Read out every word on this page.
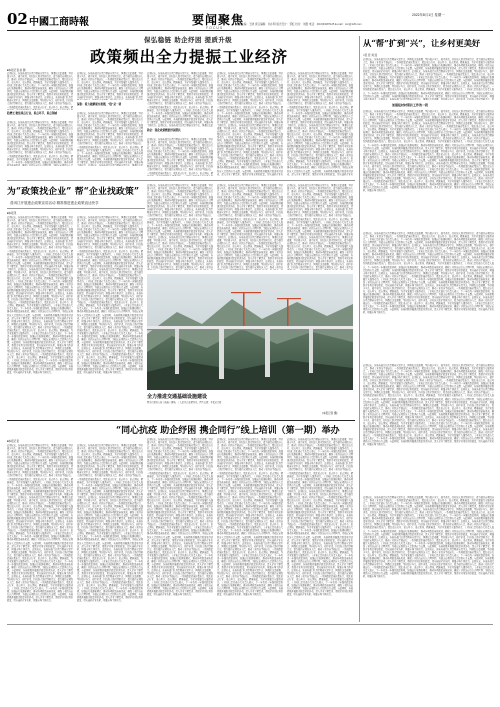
02 中國工商時報	要闻聚焦
FOCUS
2022年8月1日 星期一
本版主编：王晓 责任编辑：刘小明 版式设计：邹虹 校对：刘胜 电话：(010)63287125 E-mail：ccn@126.com
保弘稳链 助企纾困 提质升级
政策频出全力提振工业经济
■本报记者 赵 静
近期以来，各地各部门认真贯彻落实党中央、国务院决策部署，坚持稳字当头、稳中求进，持续加大助企纾困力度，着力稳住宏观经济大盘，推动工业经济平稳运行。一系列政策措施密集出台，聚焦重点行业、重点环节、重点领域，精准施策，为企业发展注入强劲动力。工业和信息化部有关负责人表示，下一步将进一步强化政策协同，加强运行监测和调度，推动各项政策落地见效，确保工业经济运行在合理区间，为稳定宏观经济大盘提供有力支撑。与此同时，各地积极开展惠企政策宣讲活动，深入企业了解需求，帮助企业用足用好政策，切实减轻企业负担，增强市场主体活力。近期以来，各地各部门认真贯彻落实党中央、国务院决策部署，坚持稳字当头、稳中求进，持续加大助企纾困力度，着力稳住宏观经济大盘，推动工业经济平稳运行。一系列政策措施密集出台，聚焦重点行业、重点环节、重点领域，精
稳增长 聚焦重点行业、重点环节、重点领域
近期以来，各地各部门认真贯彻落实党中央、国务院决策部署，坚持稳字当头、稳中求进，持续加大助企纾困力度，着力稳住宏观经济大盘，推动工业经济平稳运行。一系列政策措施密集出台，聚焦重点行业、重点环节、重点领域，精准施策，为企业发展注入强劲动力。工业和信息化部有关负责人表示，下一步将进一步强化政策协同，加强运行监测和调度，推动各项政策落地见效，确保工业经济运行在合理区间，为稳定宏观经济大盘提供有力支撑。与此同时，各地积极开展惠企政策宣讲活动，深入企业了解需求，帮助企业用足用好政策，切实减轻企业负担，增强市场主体活力。近期以来，各地各部门认真贯彻落实党中央、国务院决策部署，坚持稳字当头、稳中求进，持续加大助企纾困力度，着力稳住宏观经济大盘，推动工业经济平稳运行。一系列政策措施密集出台，聚焦重点行业、重点环节、重点领域，精准施策，为企业发展注入强劲动力。工业和信息化部有关负责人表示，下一步将进一步强化政策协同，加强运行监测和调度，推动各项政策落地见效，确保工业经济运行在合理区间，为稳定宏观经济大盘
近期以来，各地各部门认真贯彻落实党中央、国务院决策部署，坚持稳字当头、稳中求进，持续加大助企纾困力度，着力稳住宏观经济大盘，推动工业经济平稳运行。一系列政策措施密集出台，聚焦重点行业、重点环节、重点领域，精准施策，为企业发展注入强劲动力。工业和信息化部有关负责人表示，下一步将进一步强化政策协同，加强运行监测和调度，推动各项政策落地见效，确保工业经济运行在合理区间，为稳定宏观经济大盘提供有力支撑。与此同时，各地积极开展惠企政策宣讲活动，深入企业了解需求，帮助企业用足用好政策，切实减轻企业负担，增强市场主体活力。近期以来，各地各部门认真贯
保供：着力破解现实难题，“稳”是一项
近期以来，各地各部门认真贯彻落实党中央、国务院决策部署，坚持稳字当头、稳中求进，持续加大助企纾困力度，着力稳住宏观经济大盘，推动工业经济平稳运行。一系列政策措施密集出台，聚焦重点行业、重点环节、重点领域，精准施策，为企业发展注入强劲动力。工业和信息化部有关负责人表示，下一步将进一步强化政策协同，加强运行监测和调度，推动各项政策落地见效，确保工业经济运行在合理区间，为稳定宏观经济大盘提供有力支撑。与此同时，各地积极开展惠企政策宣讲活动，深入企业了解需求，帮助企业用足用好政策，切实减轻企业负担，增强市场主体活力。近期以来，各地各部门认真贯彻落实党中央、国务院决策部署，坚持稳字当头、稳中求进，持续加大助企纾困力度，着力稳住宏观经济大盘，推动工业经济平稳运行。一系列政策措施密集出台，聚焦重点行业、重点环节、重点领域，精准施策，为企业发展注入强劲动力。工业和信息化部有关负责人表示，下一步将进一步强化政策协同，加强运行监测和调度，推动各项政策落地见效，确保工业经济运行在合理区间，为稳定宏观经济大盘提供有力支撑。与此同时，各地积极开展惠企政策宣讲活动，深入企业了解需求，帮助企业用足用好政策，切实减轻企业负担，增强市场主体活力。近期以来，各地各部门认真贯彻落实党中央、国务院决策
近期以来，各地各部门认真贯彻落实党中央、国务院决策部署，坚持稳字当头、稳中求进，持续加大助企纾困力度，着力稳住宏观经济大盘，推动工业经济平稳运行。一系列政策措施密集出台，聚焦重点行业、重点环节、重点领域，精准施策，为企业发展注入强劲动力。工业和信息化部有关负责人表示，下一步将进一步强化政策协同，加强运行监测和调度，推动各项政策落地见效，确保工业经济运行在合理区间，为稳定宏观经济大盘提供有力支撑。与此同时，各地积极开展惠企政策宣讲活动，深入企业了解需求，帮助企业用足用好政策，切实减轻企业负担，增强市场主体活力。近期以来，各地各部门认真贯彻落实党中央、国务院决策部署，坚持稳字当头、稳中求进，持续加大助企纾困力度，着力稳住宏观经济大盘，推动工业经济平稳运行。一系列政策措施密集出台，聚焦重点行业、重点环节、重点领域，精准施策，为企业发展注入强劲动力。工业和信息化部有关负责人表示，下一步将进一步强化政策协同，加强运行监测和调度，推动各项政策落地见效，确保工业经济运行在合理区间，为稳定宏观经济大盘提供有力支撑。与此同时，各地积极开展惠企政策宣讲活动，深入企业了解需求，帮助企业用足用好政策，切实减轻企业负担，增强市场主体活力。近期以来，各地各部门认真贯彻落实党中央、国务院决策
助企：强化政策精准纾困帮扶
近期以来，各地各部门认真贯彻落实党中央、国务院决策部署，坚持稳字当头、稳中求进，持续加大助企纾困力度，着力稳住宏观经济大盘，推动工业经济平稳运行。一系列政策措施密集出台，聚焦重点行业、重点环节、重点领域，精准施策，为企业发展注入强劲动力。工业和信息化部有关负责人表示，下一步将进一步强化政策协同，加强运行监测和调度，推动各项政策落地见效，确保工业经济运行在合理区间，为稳定宏观经济大盘提供有力支撑。与此同时，各地积极开展惠企政策宣讲活动，深入企业了解需求，帮助企业用足用好政策，切实减轻企业负担，增强市场主体活力。近期以来，各地各部门认真贯彻落实党中央、国务院决策部署，坚持稳字当头、稳中求进，持续加大助企纾困力度，着力稳住宏观经济大盘，推动工业经济平稳运行。一系列政策措施密集出台，聚焦重点行业、重点环节、重点领域，精
近期以来，各地各部门认真贯彻落实党中央、国务院决策部署，坚持稳字当头、稳中求进，持续加大助企纾困力度，着力稳住宏观经济大盘，推动工业经济平稳运行。一系列政策措施密集出台，聚焦重点行业、重点环节、重点领域，精准施策，为企业发展注入强劲动力。工业和信息化部有关负责人表示，下一步将进一步强化政策协同，加强运行监测和调度，推动各项政策落地见效，确保工业经济运行在合理区间，为稳定宏观经济大盘提供有力支撑。与此同时，各地积极开展惠企政策宣讲活动，深入企业了解需求，帮助企业用足用好政策，切实减轻企业负担，增强市场主体活力。近期以来，各地各部门认真贯彻落实党中央、国务院决策部署，坚持稳字当头、稳中求进，持续加大助企纾困力度，着力稳住宏观经济大盘，推动工业经济平稳运行。一系列政策措施密集出台，聚焦重点行业、重点环节、重点领域，精准施策，为企业发展注入强劲动力。工业和信息化部有关负责人表示，下一步将进一步强化政策协同，加强运行监测和调度，推动各项政策落地见效，确保工业经济运行在合理区间，为稳定宏观经济大盘提供有力支撑。与此同时，各地积极开展惠企政策宣讲活动，深入企业了解需求，帮助企业用足用好政策，切实减轻企业负担，增强市场主体活力。近期以来，各地各部门认真贯彻落实党中央、国务院决策部署，坚持稳字当头、稳中求进，持续加大助企纾困力度，着力稳住宏观经济大盘，推动工业经济平稳运行。一系列政策措施密集出台，聚焦重点行业、重点环节、重点领域，精准施策，为企业发展注入强劲动力。工业和信息化部有关负责人表示，下一步将进一步强化政策协同，加强运行监测和调度，推动各项政策落地见效，确保工业经济运行在合理区间，为稳定宏观经济大盘提供有力支撑。与此同时，各地积极开展惠企政策宣讲活动，深入企业了解需求，帮助企业用足用好政策，切实减轻企业负担，增强市场主体活力。近期以来，各地各部门认真贯彻落实党中央、国务院决策部署，坚持稳字当头、稳中求进，持续加大助企纾困力度，着力稳住宏观经济大盘，推动工业经济平稳运行。一系列政策措施密集出台，聚焦重点行业、重点环节、重点领域，精准施策，为企业发展注入强劲动力。工业和信息化部有关负责人表示，下一步将进一步强化政策协同，加强运行监测和调度，推动各项政策落地见效，确保工业经济运行在合理区间，为稳定宏观经济大盘提供有力支撑。与此同时，各地积极开展惠企政策宣讲活动，深入企业了解需求，帮助企业用足用好政策，切实减轻企业负
近期以来，各地各部门认真贯彻落实党中央、国务院决策部署，坚持稳字当头、稳中求进，持续加大助企纾困力度，着力稳住宏观经济大盘，推动工业经济平稳运行。一系列政策措施密集出台，聚焦重点行业、重点环节、重点领域，精准施策，为企业发展注入强劲动力。工业和信息化部有关负责人表示，下一步将进一步强化政策协同，加强运行监测和调度，推动各项政策落地见效，确保工业经济运行在合理区间，为稳定宏观经济大盘提供有力支撑。与此同时，各地积极开展惠企政策宣讲活动，深入企业了解需求，帮助企业用足用好政策，切实减轻企业负担，增强市场主体活力。近期以来，各地各部门认真贯彻落实党中央、国务院决策部署，坚持稳字当头、稳中求进，持续加大助企纾困力度，着力稳住宏观经济大盘，推动工业经济平稳运行。一系列政策措施密集出台，聚焦重点行业、重点环节、重点领域，精准施策，为企业发展注入强劲动力。工业和信息化部有关负责人表示，下一步将进一步强化政策协同，加强运行监测和调度，推动各项政策落地见效，确保工业经济运行在合理区间，为稳定宏观经济大盘提供有力支撑。与此同时，各地积极开展惠企政策宣讲活动，深入企业了解需求，帮助企业用足用好政策，切实减轻企业负担，增强市场主体活力。近期以来，各地各部门认真贯彻落实党中央、国务院决策部署，坚持稳字当头、稳中求进，持续加大助企纾困力度，着力稳住宏观经济大盘，推动工业经济平稳运行。一系列政策措施密集出台，聚焦重点行业、重点环节、重点领域，精准施策，为企业发展注入强劲动力。工业和信息化部有关负责人表示，下一步将进一步强化政策协同，加强运行监测和调度，推动各项政策落地见效，确保工业经济运行在合理区间，为稳定宏观经济大盘提供有力支撑。与此同时，各地积极开展惠企政策宣讲活动，深入企业了解需求，帮助企业用足用好政策，切实减轻企业负担，增强市场主体活力。近期以来，各地各部门认真贯彻落实党中央、国务院决策部署，坚持稳字当头、稳中求进，持续加大助企纾困力度，着力稳住宏观经济大盘，推动工业经济平稳运行。一系列政策措施密集出台，聚焦重点行业、重点环节、重点领域，精准施策，为企业发展注入强劲动力。工业和信息化部有关负责人表示，下一步将进一步强化政策协同，加强运行监测和调度，推动各项政策落地见效，确保工业经济运行在合理区间，为稳定宏观经济大盘提供有力支撑。与此同时，各地积极开展惠企政策宣讲活动，深入企业了解需求，帮助企业用足用好政策，切实减轻企业负
从“帮”扩到“兴”，让乡村更美好
□张 佳 刘 瑶
近期以来，各地各部门认真贯彻落实党中央、国务院决策部署，坚持稳字当头、稳中求进，持续加大助企纾困力度，着力稳住宏观经济大盘，推动工业经济平稳运行。一系列政策措施密集出台，聚焦重点行业、重点环节、重点领域，精准施策，为企业发展注入强劲动力。工业和信息化部有关负责人表示，下一步将进一步强化政策协同，加强运行监测和调度，推动各项政策落地见效，确保工业经济运行在合理区间，为稳定宏观经济大盘提供有力支撑。与此同时，各地积极开展惠企政策宣讲活动，深入企业了解需求，帮助企业用足用好政策，切实减轻企业负担，增强市场主体活力。近期以来，各地各部门认真贯彻落实党中央、国务院决策部署，坚持稳字当头、稳中求进，持续加大助企纾困力度，着力稳住宏观经济大盘，推动工业经济平稳运行。一系列政策措施密集出台，聚焦重点行业、重点环节、重点领域，精准施策，为企业发展注入强劲动力。工业和信息化部有关负责人表示，下一步将进一步强化政策协同，加强运行监测和调度，推动各项政策落地见效，确保工业经济运行在合理区间，为稳定宏观经济大盘提供有力支撑。与此同时，各地积极开展惠企政策宣讲活动，深入企业了解需求，帮助企业用足用好政策，切实减轻企业负担，增强市场主体活力。近期以来，各地各部门认真贯彻落实党中央、国务院决策部署，坚持稳字当头、稳中求进，持续加大助企纾困力度，着力稳住宏观经济大盘，推动工业经济平稳运行。一系列政策措施密集出台，聚焦重点行业、重点环节、重点领域，精准施策，为企业发展注入强劲动力。工业和信息化部有关负责人表示，下一步将进一步强化政策协同，加强运行监测和调度，推动各项政策落地见效，确保工业经济运行在合理区间，为稳定宏观经济大盘提供有力支撑。与此同时，各地积极开展惠企政策宣讲活动，深入企业了解需求，帮助企业用足用好政策，切实减轻企业负担，增强市场主体活力。近期以来，各地各部门认真贯彻落实党中央、国务院决策部署，坚持稳字当头、稳中求进，持续加大助企纾困力度，着
加强驻村村帮扶工作的一段
近期以来，各地各部门认真贯彻落实党中央、国务院决策部署，坚持稳字当头、稳中求进，持续加大助企纾困力度，着力稳住宏观经济大盘，推动工业经济平稳运行。一系列政策措施密集出台，聚焦重点行业、重点环节、重点领域，精准施策，为企业发展注入强劲动力。工业和信息化部有关负责人表示，下一步将进一步强化政策协同，加强运行监测和调度，推动各项政策落地见效，确保工业经济运行在合理区间，为稳定宏观经济大盘提供有力支撑。与此同时，各地积极开展惠企政策宣讲活动，深入企业了解需求，帮助企业用足用好政策，切实减轻企业负担，增强市场主体活力。近期以来，各地各部门认真贯彻落实党中央、国务院决策部署，坚持稳字当头、稳中求进，持续加大助企纾困力度，着力稳住宏观经济大盘，推动工业经济平稳运行。一系列政策措施密集出台，聚焦重点行业、重点环节、重点领域，精准施策，为企业发展注入强劲动力。工业和信息化部有关负责人表示，下一步将进一步强化政策协同，加强运行监测和调度，推动各项政策落地见效，确保工业经济运行在合理区间，为稳定宏观经济大盘提供有力支撑。与此同时，各地积极开展惠企政策宣讲活动，深入企业了解需求，帮助企业用足用好政策，切实减轻企业负担，增强市场主体活力。近期以来，各地各部门认真贯彻落实党中央、国务院决策部署，坚持稳字当头、稳中求进，持续加大助企纾困力度，着力稳住宏观经济大盘，推动工业经济平稳运行。一系列政策措施密集出台，聚焦重点行业、重点环节、重点领域，精准施策，为企业发展注入强劲动力。工业和信息化部有关负责人表示，下一步将进一步强化政策协同，加强运行监测和调度，推动各项政策落地见效，确保工业经济运行在合理区间，为稳定宏观经济大盘提供有力支撑。与此同时，各地积极开展惠企政策宣讲活动，深入企业了解需求，帮助企业用足用好政策，切实减轻企业负担，增强市场主体活力。近期以来，各地各部门认真贯彻落实党中央、国务院决策部署，坚持稳字当头、稳中求进，持续加大助企纾困力度，着力稳住宏观经济大盘，推动工业经济平稳运行。一系列政策措施密集出台，聚焦重点行业、重点环节、重点领域，精准施策，为企业发展注入强劲动力。工业和信息化部有关负责人表示，下一步将进一步强化政策协同，加强运行监测和调度，推动各项政策落地见效，确保工业经济运行在合理区间，为稳定宏观经济大盘提供有力支撑。与此同时，各地积极开展惠企政策宣讲活动，深入企业了解需求，帮助企业用足用好政策，切实减轻企业负担，增强市场主体活力。近期以来，各地各部门认真贯彻落实党中央、国务院决策部署，坚持稳字当头、稳中求进，持续加大助企纾困力度，着力稳住宏观经济大盘，推动工业经济平稳运行。一系列政策措施密集出台，聚焦重点行业、重点环节、重点领域，精准施策，为企业发展注入强劲动力。工业和信息化部有关负责人表示，下一步将进一步强化政策协同，加强运行监测和调度，推动各项政策落地见效，确保工业经济运行在合理区间，为稳定宏观经济大盘提供有力支撑。与此同时，各地积极开展惠企政策宣讲活动，深入企业了解需求，帮助企业用足用好政策，切实减轻企业负担，增强市场主体活力。近期以来，各地各部门认真贯彻落实党中央、国务院决策部署，坚持稳字当头、稳中求进，持续加大助企纾困力度，着力稳住宏观经济大盘，推动工业经济平稳运行。一系列政策措施密集出台，聚焦重点行业、重点环节、重点领域，精准施策，为企业发展注入强劲动力。工业和信息化部有关负责人表示，下一步将进一步强化政策协同，加强运行监测和调度，推动各项政策落地见效，确保工业经济运行在合理区间，为稳定宏观经济大盘提供有力支撑。与此同时，各地积极开展惠企政策宣讲活动，深入企业了解需求，帮助企业用足用好政策，切实减轻企业负担，增强市场主体活力。
近期以来，各地各部门认真贯彻落实党中央、国务院决策部署，坚持稳字当头、稳中求进，持续加大助企纾困力度，着力稳住宏观经济大盘，推动工业经济平稳运行。一系列政策措施密集出台，聚焦重点行业、重点环节、重点领域，精准施策，为企业发展注入强劲动力。工业和信息化部有关负责人表示，下一步将进一步强化政策协同，加强运行监测和调度，推动各项政策落地见效，确保工业经济运行在合理区间，为稳定宏观经济大盘提供有力支撑。与此同时，各地积极开展惠企政策宣讲活动，深入企业了解需求，帮助企业用足用好政策，切实减轻企业负担，增强市场主体活力。近期以来，各地各部门认真贯彻落实党中央、国务院决策部署，坚持稳字当头、稳中求进，持续加大助企纾困力度，着力稳住宏观经济大盘，推动工业经济平稳运行。一系列政策措施密集出台，聚焦重点行业、重点环节、重点领域，精准施策，为企业发展注入强劲动力。工业和信息化部有关负责人表示，下一步将进一步强化政策协同，加强运行监测和调度，推动各项政策落地见效，确保工业经济运行在合理区间，为稳定宏观经济大盘提供有力支撑。与此同时，各地积极开展惠企政策宣讲活动，深入企业了解需求，帮助企业用足用好政策，切实减轻企业负担，增强市场主体活力。近期以来，各地各部门认真贯彻落实党中央、国务院决策部署，坚持稳字当头、稳中求进，持续加大助企纾困力度，着力稳住宏观经济大盘，推动工业经济平稳运行。一系列政策措施密集出台，聚焦重点行业、重点环节、重点领域，精准施策，为企业发展注入强劲动力。工业和信息化部有关负责人表示，下一步将进一步强化政策协同，加强运行监测和调度，推动各项政策落地见效，确保工业经济运行在合理区间，为稳定宏观经济大盘提供有力支撑。与此同时，各地积极开展惠企政策宣讲活动，深入企业了解需求，帮助企业用足用好政策，切实减轻企业负担，增强市场主体活力。近期以来，各地各部门认真贯彻落实党中央、国务院决策部署，坚持稳字当头、稳中求进，持续加大助企纾困力度，着力稳住宏观经济大盘，推动工业经济平稳运行。一系列政策措施密集出台，聚焦重点行业、重点环节、重点领域，精准施策，为企业发展注入强劲动力。工业和信息化部有关负责人表示，下一步将进一步强化政策协同，加强运行监测和调度，推动各项政策落地见效，确保工业经济运行在合理区间，为稳定宏观经济大盘提供有力支撑。与此同时，各地积极开展惠企政策宣讲活动，深入企业了解需求，帮助企业用足用好政策，切实减轻企业负担，增强市场主体活力。近期以来，各地各部门认真贯彻落实党中央、国务院决策部署，坚持稳字当头、稳中求进，持续加大助企纾困力度，着力稳住宏观经济大盘，推动工业经济平稳运行。一系列政策措施密集出台，聚焦重点行业、重点环节、重点领域，精准施策，为企业发展注入强劲动力。工业和信息化部有关负责人表示，下一步将进一步强化政策协同，加强运行监测和调度，推动各项政策落地见效，确保工业经济运行在合理区间，为稳定宏观经济大盘提供有力支撑。与此同时，各地积极开展惠企政策宣讲活动，深入企业了解需求，帮助企业用足用好政策，切实减轻企业负担，增强市场主体活力。近期以来，各地各部门认真贯彻落实党中央、国务院决策部署，坚持稳字当头、稳中求进，持续加大助企纾困力度，着力稳住宏观经济大盘，推动工业经济平稳运行。一系列政策措施密集出台，聚焦重点行业、重点环节、重点领域，精准施策，为企业发展注入强劲动力。工业和信息化部有关负责人表示，下一步将进一步强化政策协同，加强运行监测和调度，推动各项政策落地见效，确保工业经济运行在合理区间，为稳定宏观经济大盘提供有力支撑。与此同时，各地积极开展惠企政策宣讲活动，深入企业了解需求，帮助企业用足用好政策，切实减轻企业负担，增强市场主体活力。
近期以来，各地各部门认真贯彻落实党中央、国务院决策部署，坚持稳字当头、稳中求进，持续加大助企纾困力度，着力稳住宏观经济大盘，推动工业经济平稳运行。一系列政策措施密集出台，聚焦重点行业、重点环节、重点领域，精准施策，为企业发展注入强劲动力。工业和信息化部有关负责人表示，下一步将进一步强化政策协同，加强运行监测和调度，推动各项政策落地见效，确保工业经济运行在合理区间，为稳定宏观经济大盘提供有力支撑。与此同时，各地积极开展惠企政策宣讲活动，深入企业了解需求，帮助企业用足用好政策，切实减轻企业负担，增强市场主体活力。近期以来，各地各部门认真贯彻落实党中央、国务院决策部署，坚持稳字当头、稳中求进，持续加大助企纾困力度，着力稳住宏观经济大盘，推动工业经济平稳运行。一系列政策措施密集出台，聚焦重点行业、重点环节、重点领域，精准施策，为企业发展注入强劲动力。工业和信息化部有关负责人表示，下一步将进一步强化政策协同，加强运行监测和调度，推动各项政策落地见效，确保工业经济运行在合理区间，为稳定宏观经济大盘提供有力支撑。与此同时，各地积极开展惠企政策宣讲活动，深入企业了解需求，帮助企业用足用好政策，切实减轻企业负担，增强市场主体活力。近期以来，各地各部门认真贯彻落实党中央、国务院决策部署，坚持稳字当头、稳中求进，持续加大助企纾困力度，着力稳住宏观经济大盘，推动工业经济平稳运行。一系列政策措施密集出台，聚焦重点行业、重点环节、重点领域，精准施策，为企业发展注入强劲动力。工业和信息化部有关负责人表示，下一步将进一步强化政策协同，加强运行监测和调度，推动各项政策落地见效，确保工业经济运行在合理区间，为稳定宏观经济大盘提供有力支撑。与此同时，各地积极开展惠企政策宣讲活动，深入企业了解需求，帮助企业用足用好政策，切实减轻企业负担，增强市场主体活力。近期以来，各地各部门认真贯彻落实党中央、国务院决策部署，坚持稳字当头、稳中求进，持续加大助企纾困力度，着力稳住宏观经济大盘，推动工业经济平稳运行。一系列政策措施密集出台，聚焦重点行业、重点环节、重点领域，精准施策，为企业发展注入强劲动力。工业和信息化部有关负责人表示，下一步将进一步强化政策协同，加强运行监测和调度，推动各项政策落地见效，确保工业经济运行在合理区间，为稳定宏观经济大盘提供有力支撑。与此同时，各地积极开展惠企政策宣讲活动，深入企业了解需求，帮助企业用足用好政策，切实减轻企业负担，增强市场主体活力。近期以来，各地各部门认真贯彻落实党中央、国务院决策部署，坚持稳字当头、稳中求进，持续加大助企纾困力度，着力稳住宏观经济大盘，推动工业经济平稳运行。一系列政策措施密集出台，聚焦重点行业、重点环节、重点领域，精准施策，为企业发展注入强劲动力。工业和信息化部有关负责人表示，下一步将进一步强化政策协同，加强运行监测和调度，推动各项政策落地见效，确保工业经济运行在合理区间，为稳定宏观经济大盘提供有力支撑。与此同时，各地积极开展惠企政策宣讲活动，深入企业了解需求，帮助企业用足用好政策，切实减轻企业负担，增强市场主体活力。近期以来，各地各部门认真贯彻落实党中央、国务院决策部署，坚持稳字当头、稳中求进，持续加大助企纾困力度，着力稳住宏观经济大盘，推动工业经济平稳运行。一系列政策措施密集出台，聚焦重点行业、重点环节、重点领域，精准施策，为企业发展注入强劲动力。工业和信息化部有关负责人表示，下一步将进一步强化政策协同，加强运行监测和调度，推动各项政策落地见效，确保工业经济运行在合理区间，为稳定宏观经济大盘提供有力支撑。与此同时，各地积极开展惠企政策宣讲活动，深入企业了解需求，帮助企业用足用好政策，切实减轻企业负担，增强市场主体活力。
近期以来，各地各部门认真贯彻落实党中央、国务院决策部署，坚持稳字当头、稳中求进，持续加大助企纾困力度，着力稳住宏观经济大盘，推动工业经济平稳运行。一系列政策措施密集出台，聚焦重点行业、重点环节、重点领域，精准施策，为企业发展注入强劲动力。工业和信息化部有关负责人表示，下一步将进一步强化政策协同，加强运行监测和调度，推动各项政策落地见效，确保工业经济运行在合理区间，为稳定宏观经济大盘提供有力支撑。与此同时，各地积极开展惠企政策宣讲活动，深入企业了解需求，帮助企业用足用好政策，切实减轻企业负担，增强市场主体活力。近期以来，各地各部门认真贯彻落实党中央、国务院决策部署，坚持稳字当头、稳中求进，持续加大助企纾困力度，着力稳住宏观经济大盘，推动工业经济平稳运行。一系列政策措施密集出台，聚焦重点行业、重点环节、重点领域，精准施策，为企业发展注入强劲动力。工业和信息化部有关负责人表示，下一步将进一步强化政策协同，加强运行监测和调度，推动各项政策落地见效，确保工业经济运行在合理区间，为稳定宏观经济大盘提供有力支撑。与此同时，各地积极开展惠企政策宣讲活动，深入企业了解需求，帮助企业用足用好政策，切实减轻企业负担，增强市场主体活力。近期以来，各地各部门认真贯彻落实党中央、国务院决策部署，坚持稳字当头、稳中求进，持续加大助企纾困力度，着力稳住宏观经济大盘，推动工业经济平稳运行。一系列政策措施密集出台，聚焦重点行业、重点环节、重点领域，精准施策，为企业发展注入强劲动力。工业和信息化部有关负责人表示，下一步将进一步强化政策协同，加强运行监测和调度，推动各项政策落地见效，确保工业经济运行在合理区间，为稳定宏观经济大盘提供有力支撑。与此同时，各地积极开展惠企政策宣讲活动，深入企业了解需求，帮助企业用足用好政策，切实减轻企业负担，增强市场主体活力。近期以来，各地各部门认真贯彻落实党中央、国务院决策部署，坚持稳字当头、稳中求进，持续加大助企纾困力度，着力稳住宏观经济大盘，推动工业经济平稳运行。一系列政策措施密集出台，聚焦重点行业、重点环节、重点领域，精准施策，为企业发展注入强劲动力。工业和信息化部有关负责人表示，下一步将进一步强化政策协同，加强运行监测和调度，推动各项政策落地见效，确保工业经济运行在合理区间，为稳定宏观经济大盘提供有力支撑。与此同时，各地积极开展惠企政策宣讲活动，深入企业了解需求，帮助企业用足用好政策，切实减轻企业负担，增强市场主体活力。近期以来，各地各部门认真贯彻落实党中央、国务院决策部署，坚持稳字当头、稳中求进，持续加大助企纾困力度，着力稳住宏观经济大盘，推动工业经济平稳运行。一系列政策措施密集出台，聚焦重点行业、重点环节、重点领域，精准施策，为企业发展注入强劲动力。工业和信息化部有关负责人表示，下一步将进一步强化政策协同，加强运行监测和调度，推动各项政策落地见效，确保工业经济运行在合理区间，为稳定宏观经济大盘提供有力支撑。与此同时，各地积极开展惠企政策宣讲活动，深入企业了解需求，帮助企业用足用好政策，切实减轻企业负担，增强市场主体活力。近期以来，各地各部门认真贯彻落实党中央、国务院决策部署，坚持稳字当头、稳中求进，持续加大助企纾困力度，着力稳住宏观经济大盘，推动工业经济平稳运行。一系列政策措施密集出台，聚焦重点行业、重点环节、重点领域，精准施策，为企业发展注入强劲动力。工业和信息化部有关负责人表示，下一步将进一步强化政策协同，加强运行监测和调度，推动各项政策落地见效，确保工业经济运行在合理区间，为稳定宏观经济大盘提供有力支撑。与此同时，各地积极开展惠企政策宣讲活动，深入企业了解需求，帮助企业用足用好政策，切实减轻企业负担，增强市场主体活力。
为“政策找企业” 帮“企业找政策”
普洱江开展惠企政策宣讲活动 精准推进惠企政策直达快享
■本报讯
近期以来，各地各部门认真贯彻落实党中央、国务院决策部署，坚持稳字当头、稳中求进，持续加大助企纾困力度，着力稳住宏观经济大盘，推动工业经济平稳运行。一系列政策措施密集出台，聚焦重点行业、重点环节、重点领域，精准施策，为企业发展注入强劲动力。工业和信息化部有关负责人表示，下一步将进一步强化政策协同，加强运行监测和调度，推动各项政策落地见效，确保工业经济运行在合理区间，为稳定宏观经济大盘提供有力支撑。与此同时，各地积极开展惠企政策宣讲活动，深入企业了解需求，帮助企业用足用好政策，切实减轻企业负担，增强市场主体活力。近期以来，各地各部门认真贯彻落实党中央、国务院决策部署，坚持稳字当头、稳中求进，持续加大助企纾困力度，着力稳住宏观经济大盘，推动工业经济平稳运行。一系列政策措施密集出台，聚焦重点行业、重点环节、重点领域，精准施策，为企业发展注入强劲动力。工业和信息化部有关负责人表示，下一步将进一步强化政策协同，加强运行监测和调度，推动各项政策落地见效，确保工业经济运行在合理区间，为稳定宏观经济大盘提供有力支撑。与此同时，各地积极开展惠企政策宣讲活动，深入企业了解需求，帮助企业用足用好政策，切实减轻企业负担，增强市场主体活力。近期以来，各地各部门认真贯彻落实党中央、国务院决策部署，坚持稳字当头、稳中求进，持续加大助企纾困力度，着力稳住宏观经济大盘，推动工业经济平稳运行。一系列政策措施密集出台，聚焦重点行业、重点环节、重点领域，精准施策，为企业发展注入强劲动力。工业和信息化部有关负责人表示，下一步将进一步强化政策协同，加强运行监测和调度，推动各项政策落地见效，确保工业经济运行在合理区间，为稳定宏观经济大盘提供有力支撑。与此同时，各地积极开展惠企政策宣讲活动，深入企业了解需求，帮助企业用足用好政策，切实减轻企业负担，增强市场主体活力。近期以来，各地各部门认真贯彻落实党中央、国务院决策部署，坚持稳字当头、稳中求进，持续加大助企纾困力度，着力稳住宏观经济大盘，推动工业经济平稳运行。一系列政策措施密集出台，聚焦重点行业、重点环节、重点领域，精准施策，为企业发展注入强劲动力。工业和信息化部有关负责人表示，下一步将进一步强化政策协同，加强运行监测和调度，推动各项政策落地见效，确保工业经济运行在合理区间，为稳定宏观经济大盘提供有力支撑。与此同时，各地积极开展惠企政策宣讲活动，深入企业了解需求，帮助企业用足用好政策，切实减轻企业负担，增强市场主体活力。近期以来，各地各部门认真贯彻落实党中央、国务院决策部署，坚持稳字当头、稳中求进，持续加大助企纾困力度，着力稳住宏观经济大盘，推动工业经济平稳运行。一系列政策措施密集出台，聚焦重点行业、重点环节、重点领域，精准施策，为企业发展注入强劲动力。工业和信息化部有关负责人表示，下一步将进一步强化政策协同，加强运行监测和调度，推动各项政策落地见效，确保工业经济运行在合理区间，为稳定宏观经济大盘提供有力支撑。与此同时，各地积极开展惠企政策宣讲活动，深入企业了解需求，帮助企业用足用好政策，切实减轻企业负担，增强市场主体活力。近期以来，各地各部门认真贯彻落实党中央、国务院决策部署，坚持稳字当头、稳中求进，持续加大助企纾困力度，着力稳住宏观经济大盘，推动工业经济平稳运行。一系列政策措施密集出台，聚焦重点行业、重点环节、重点领域，精准施策，为企业发展注入强劲动力。工业和信息化部有关负责人表示，下一步将进一步强化政策协同，加强运行监测和调度，推动各项政策落地见效，确保工业经济运行在合理区间，为稳定宏观经济大盘提供有力支撑。与此同时，各地积极开展惠企政策宣讲活动，深入企业了解需求，帮助企业用足用好政策，切实减轻企业负担，增强市场主体活力。
近期以来，各地各部门认真贯彻落实党中央、国务院决策部署，坚持稳字当头、稳中求进，持续加大助企纾困力度，着力稳住宏观经济大盘，推动工业经济平稳运行。一系列政策措施密集出台，聚焦重点行业、重点环节、重点领域，精准施策，为企业发展注入强劲动力。工业和信息化部有关负责人表示，下一步将进一步强化政策协同，加强运行监测和调度，推动各项政策落地见效，确保工业经济运行在合理区间，为稳定宏观经济大盘提供有力支撑。与此同时，各地积极开展惠企政策宣讲活动，深入企业了解需求，帮助企业用足用好政策，切实减轻企业负担，增强市场主体活力。近期以来，各地各部门认真贯彻落实党中央、国务院决策部署，坚持稳字当头、稳中求进，持续加大助企纾困力度，着力稳住宏观经济大盘，推动工业经济平稳运行。一系列政策措施密集出台，聚焦重点行业、重点环节、重点领域，精准施策，为企业发展注入强劲动力。工业和信息化部有关负责人表示，下一步将进一步强化政策协同，加强运行监测和调度，推动各项政策落地见效，确保工业经济运行在合理区间，为稳定宏观经济大盘提供有力支撑。与此同时，各地积极开展惠企政策宣讲活动，深入企业了解需求，帮助企业用足用好政策，切实减轻企业负担，增强市场主体活力。近期以来，各地各部门认真贯彻落实党中央、国务院决策部署，坚持稳字当头、稳中求进，持续加大助企纾困力度，着力稳住宏观经济大盘，推动工业经济平稳运行。一系列政策措施密集出台，聚焦重点行业、重点环节、重点领域，精准施策，为企业发展注入强劲动力。工业和信息化部有关负责人表示，下一步将进一步强化政策协同，加强运行监测和调度，推动各项政策落地见效，确保工业经济运行在合理区间，为稳定宏观经济大盘提供有力支撑。与此同时，各地积极开展惠企政策宣讲活动，深入企业了解需求，帮助企业用足用好政策，切实减轻企业负担，增强市场主体活力。近期以来，各地各部门认真贯彻落实党中央、国务院决策部署，坚持稳字当头、稳中求进，持续加大助企纾困力度，着力稳住宏观经济大盘，推动工业经济平稳运行。一系列政策措施密集出台，聚焦重点行业、重点环节、重点领域，精准施策，为企业发展注入强劲动力。工业和信息化部有关负责人表示，下一步将进一步强化政策协同，加强运行监测和调度，推动各项政策落地见效，确保工业经济运行在合理区间，为稳定宏观经济大盘提供有力支撑。与此同时，各地积极开展惠企政策宣讲活动，深入企业了解需求，帮助企业用足用好政策，切实减轻企业负担，增强市场主体活力。近期以来，各地各部门认真贯彻落实党中央、国务院决策部署，坚持稳字当头、稳中求进，持续加大助企纾困力度，着力稳住宏观经济大盘，推动工业经济平稳运行。一系列政策措施密集出台，聚焦重点行业、重点环节、重点领域，精准施策，为企业发展注入强劲动力。工业和信息化部有关负责人表示，下一步将进一步强化政策协同，加强运行监测和调度，推动各项政策落地见效，确保工业经济运行在合理区间，为稳定宏观经济大盘提供有力支撑。与此同时，各地积极开展惠企政策宣讲活动，深入企业了解需求，帮助企业用足用好政策，切实减轻企业负担，增强市场主体活力。近期以来，各地各部门认真贯彻落实党中央、国务院决策部署，坚持稳字当头、稳中求进，持续加大助企纾困力度，着力稳住宏观经济大盘，推动工业经济平稳运行。一系列政策措施密集出台，聚焦重点行业、重点环节、重点领域，精准施策，为企业发展注入强劲动力。工业和信息化部有关负责人表示，下一步将进一步强化政策协同，加强运行监测和调度，推动各项政策落地见效，确保工业经济运行在合理区间，为稳定宏观经济大盘提供有力支撑。与此同时，各地积极开展惠企政策宣讲活动，深入企业了解需求，帮助企业用足用好政策，切实减轻企业负担，增强市场主体活力。
近期以来，各地各部门认真贯彻落实党中央、国务院决策部署，坚持稳字当头、稳中求进，持续加大助企纾困力度，着力稳住宏观经济大盘，推动工业经济平稳运行。一系列政策措施密集出台，聚焦重点行业、重点环节、重点领域，精准施策，为企业发展注入强劲动力。工业和信息化部有关负责人表示，下一步将进一步强化政策协同，加强运行监测和调度，推动各项政策落地见效，确保工业经济运行在合理区间，为稳定宏观经济大盘提供有力支撑。与此同时，各地积极开展惠企政策宣讲活动，深入企业了解需求，帮助企业用足用好政策，切实减轻企业负担，增强市场主体活力。近期以来，各地各部门认真贯彻落实党中央、国务院决策部署，坚持稳字当头、稳中求进，持续加大助企纾困力度，着力稳住宏观经济大盘，推动工业经济平稳运行。一系列政策措施密集出台，聚焦重点行业、重点环节、重点领域，精准施策，为企业发展注入强劲动力。工业和信息化部有关负责人表示，下一步将进一步强化政策协同，加强运行监测和调度，推动各项政策落地见效，确保工业经济运行在合理区间，为稳定宏观经济大盘提供有力支撑。与此同时，各地积极开展惠企政策宣讲活动，深入企业了解需求，帮助企业用足用好政策，切实减轻企业负担，增强市场主体活力。近期以来，各地各部门认真贯彻落实党中央、国务院决策部署，坚持稳字当头、稳中求进，持续加大助企纾困力度，着力稳住宏观经济大盘，推动工业经济平稳运行。一系列政策措施密集出台，聚焦重点行业、重点环节、重点领域，精准施策，为企业发展注入强劲动力。工业和信息化部有关负责人表示，下一步将进一步强化政策协同，加强运行监测和调度，推动各项政策落地见效，确保工业经济运行在合理区间，为稳定宏观经济大盘提供有力支撑。与此同时，各地积极开展惠企政策宣讲活动，深入企业了解需求，帮助企业用足用好政策，切实减轻企业负担，增强市场主体活力。近期以来，各地各部门认真贯彻落实党中央、国务院决策部署，坚持稳字当头、稳中求进，持续加大助企纾困力度，着力稳住宏观经济大盘，推动工业经济
近期以来，各地各部门认真贯彻落实党中央、国务院决策部署，坚持稳字当头、稳中求进，持续加大助企纾困力度，着力稳住宏观经济大盘，推动工业经济平稳运行。一系列政策措施密集出台，聚焦重点行业、重点环节、重点领域，精准施策，为企业发展注入强劲动力。工业和信息化部有关负责人表示，下一步将进一步强化政策协同，加强运行监测和调度，推动各项政策落地见效，确保工业经济运行在合理区间，为稳定宏观经济大盘提供有力支撑。与此同时，各地积极开展惠企政策宣讲活动，深入企业了解需求，帮助企业用足用好政策，切实减轻企业负担，增强市场主体活力。近期以来，各地各部门认真贯彻落实党中央、国务院决策部署，坚持稳字当头、稳中求进，持续加大助企纾困力度，着力稳住宏观经济大盘，推动工业经济平稳运行。一系列政策措施密集出台，聚焦重点行业、重点环节、重点领域，精准施策，为企业发展注入强劲动力。工业和信息化部有关负责人表示，下一步将进一步强化政策协同，加强运行监测和调度，推动各项政策落地见效，确保工业经济运行在合理区间，为稳定宏观经济大盘提供有力支撑。与此同时，各地积极开展惠企政策宣讲活动，深入企业了解需求，帮助企业用足用好政策，切实减轻企业负担，增强市场主体活力。近期以来，各地各部门认真贯彻落实党中央、国务院决策部署，坚持稳字当头、稳中求进，持续加大助企纾困力度，着力稳住宏观经济大盘，推动工业经济平稳运行。一系列政策措施密集出台，聚焦重点行业、重点环节、重点领域，精准施策，为企业发展注入强劲动力。工业和信息化部有关负责人表示，下一步将进一步强化政策协同，加强运行监测和调度，推动各项政策落地见效，确保工业经济运行在合理区间，为稳定宏观经济大盘提供有力支撑。与此同时，各地积极开展惠企政策宣讲活动，深入企业了解需求，帮助企业用足用好政策，切实减轻企业负担，增强市场主体活力。近期以来，各地各部门认真贯彻落实党中央、国务院决策部署，坚持稳字当头、稳中求进，持续加大助企纾困力度，着力稳住宏观经济大盘，推动工业经济
近期以来，各地各部门认真贯彻落实党中央、国务院决策部署，坚持稳字当头、稳中求进，持续加大助企纾困力度，着力稳住宏观经济大盘，推动工业经济平稳运行。一系列政策措施密集出台，聚焦重点行业、重点环节、重点领域，精准施策，为企业发展注入强劲动力。工业和信息化部有关负责人表示，下一步将进一步强化政策协同，加强运行监测和调度，推动各项政策落地见效，确保工业经济运行在合理区间，为稳定宏观经济大盘提供有力支撑。与此同时，各地积极开展惠企政策宣讲活动，深入企业了解需求，帮助企业用足用好政策，切实减轻企业负担，增强市场主体活力。近期以来，各地各部门认真贯彻落实党中央、国务院决策部署，坚持稳字当头、稳中求进，持续加大助企纾困力度，着力稳住宏观经济大盘，推动工业经济平稳运行。一系列政策措施密集出台，聚焦重点行业、重点环节、重点领域，精准施策，为企业发展注入强劲动力。工业和信息化部有关负责人表示，下一步将进一步强化政策协同，加强运行监测和调度，推动各项政策落地见效，确保工业经济运行在合理区间，为稳定宏观经济大盘提供有力支撑。与此同时，各地积极开展惠企政策宣讲活动，深入企业了解需求，帮助企业用足用好政策，切实减轻企业负担，增强市场主体活力。近期以来，各地各部门认真贯彻落实党中央、国务院决策部署，坚持稳字当头、稳中求进，持续加大助企纾困力度，着力稳住宏观经济大盘，推动工业经济平稳运行。一系列政策措施密集出台，聚焦重点行业、重点环节、重点领域，精准施策，为企业发展注入强劲动力。工业和信息化部有关负责人表示，下一步将进一步强化政策协同，加强运行监测和调度，推动各项政策落地见效，确保工业经济运行在合理区间，为稳定宏观经济大盘提供有力支撑。与此同时，各地积极开展惠企政策宣讲活动，深入企业了解需求，帮助企业用足用好政策，切实减轻企业负担，增强市场主体活力。近期以来，各地各部门认真贯彻落实党中央、国务院决策部署，坚持稳字当头、稳中求进，持续加大助企纾困力度，着力稳住宏观经济大盘，推动工业经济
全力推进交通基础设施建设
图为在建的大桥工地施工现场，工人们正在加紧作业。图片来源：本报记者摄
(本报记者 摄)
“同心抗疫 助企纾困 携企同行”线上培训（第一期）举办
■本报记者
近期以来，各地各部门认真贯彻落实党中央、国务院决策部署，坚持稳字当头、稳中求进，持续加大助企纾困力度，着力稳住宏观经济大盘，推动工业经济平稳运行。一系列政策措施密集出台，聚焦重点行业、重点环节、重点领域，精准施策，为企业发展注入强劲动力。工业和信息化部有关负责人表示，下一步将进一步强化政策协同，加强运行监测和调度，推动各项政策落地见效，确保工业经济运行在合理区间，为稳定宏观经济大盘提供有力支撑。与此同时，各地积极开展惠企政策宣讲活动，深入企业了解需求，帮助企业用足用好政策，切实减轻企业负担，增强市场主体活力。近期以来，各地各部门认真贯彻落实党中央、国务院决策部署，坚持稳字当头、稳中求进，持续加大助企纾困力度，着力稳住宏观经济大盘，推动工业经济平稳运行。一系列政策措施密集出台，聚焦重点行业、重点环节、重点领域，精准施策，为企业发展注入强劲动力。工业和信息化部有关负责人表示，下一步将进一步强化政策协同，加强运行监测和调度，推动各项政策落地见效，确保工业经济运行在合理区间，为稳定宏观经济大盘提供有力支撑。与此同时，各地积极开展惠企政策宣讲活动，深入企业了解需求，帮助企业用足用好政策，切实减轻企业负担，增强市场主体活力。近期以来，各地各部门认真贯彻落实党中央、国务院决策部署，坚持稳字当头、稳中求进，持续加大助企纾困力度，着力稳住宏观经济大盘，推动工业经济平稳运行。一系列政策措施密集出台，聚焦重点行业、重点环节、重点领域，精准施策，为企业发展注入强劲动力。工业和信息化部有关负责人表示，下一步将进一步强化政策协同，加强运行监测和调度，推动各项政策落地见效，确保工业经济运行在合理区间，为稳定宏观经济大盘提供有力支撑。与此同时，各地积极开展惠企政策宣讲活动，深入企业了解需求，帮助企业用足用好政策，切实减轻企业负担，增强市场主体活力。近期以来，各地各部门认真贯彻落实党中央、国务院决策部署，坚持稳字当头、稳中求进，持续加大助企纾困力度，着力稳住宏观经济大盘，推动工业经济平稳运行。一系列政策措施密集出台，聚焦重点行业、重点环节、重点领域，精准施策，为企业发展注入强劲动力。工业和信息化部有关负责人表示，下一步将进一步强化政策协同，加强运行监测和调度，推动各项政策落地见效，确保工业经济运行在合理区间，为稳定宏观经济大盘提供有力支撑。与此同时，各地积极开展惠企政策宣讲活动，深入企业了解需求，帮助企业用足用好政策，切实减轻企业负担，增强市场主体活力。近期以来，各地各部门认真贯彻落实党中央、国务院决策部署，坚持稳字当头、稳中求进，持续加大助企纾困力度，着力稳住宏观经济大盘，推动工业经济平稳运行。一系列政策措施密集出台，聚焦重点行业、重点环节、重点领域，精准施策，为企业发展注入强劲动力。工业和信息化部有关负责人表示，下一步将进一步强化政策协同，加强运行监测和调度，推动各项政策落地见效，确保工业经济运行在合理区间，为稳定宏观经济大盘提供有力支撑。与此同时，各地积极开展惠企政策宣讲活动，深入企业了解需求，帮助企业用足用好政策，切实减轻企业负担，增强市场主体活力。近期以来，各地各部门认真贯彻落实党中央、国务院决策部署，坚持稳字当头、稳中求进，持续加大助企纾困力度，着力稳住宏观经济大盘，推动工业经济平稳运行。一系列政策措施密集出台，聚焦重点行业、重点环节、重点领域，精准施策，为企业发展注入强劲动力。工业和信息化部有关负责人表示，下一步将进一步强化政策协同，加强运行监测和调度，推动各项政策落地见效，确保工业经济运行在合理区间，为稳定宏观经济大盘提供有力支撑。与此同时，各地积极开展惠企政策宣讲活动，深入企业了解需求，帮助企业用足用好政策，切实减轻企业负担，增强市场主体活力。
近期以来，各地各部门认真贯彻落实党中央、国务院决策部署，坚持稳字当头、稳中求进，持续加大助企纾困力度，着力稳住宏观经济大盘，推动工业经济平稳运行。一系列政策措施密集出台，聚焦重点行业、重点环节、重点领域，精准施策，为企业发展注入强劲动力。工业和信息化部有关负责人表示，下一步将进一步强化政策协同，加强运行监测和调度，推动各项政策落地见效，确保工业经济运行在合理区间，为稳定宏观经济大盘提供有力支撑。与此同时，各地积极开展惠企政策宣讲活动，深入企业了解需求，帮助企业用足用好政策，切实减轻企业负担，增强市场主体活力。近期以来，各地各部门认真贯彻落实党中央、国务院决策部署，坚持稳字当头、稳中求进，持续加大助企纾困力度，着力稳住宏观经济大盘，推动工业经济平稳运行。一系列政策措施密集出台，聚焦重点行业、重点环节、重点领域，精准施策，为企业发展注入强劲动力。工业和信息化部有关负责人表示，下一步将进一步强化政策协同，加强运行监测和调度，推动各项政策落地见效，确保工业经济运行在合理区间，为稳定宏观经济大盘提供有力支撑。与此同时，各地积极开展惠企政策宣讲活动，深入企业了解需求，帮助企业用足用好政策，切实减轻企业负担，增强市场主体活力。近期以来，各地各部门认真贯彻落实党中央、国务院决策部署，坚持稳字当头、稳中求进，持续加大助企纾困力度，着力稳住宏观经济大盘，推动工业经济平稳运行。一系列政策措施密集出台，聚焦重点行业、重点环节、重点领域，精准施策，为企业发展注入强劲动力。工业和信息化部有关负责人表示，下一步将进一步强化政策协同，加强运行监测和调度，推动各项政策落地见效，确保工业经济运行在合理区间，为稳定宏观经济大盘提供有力支撑。与此同时，各地积极开展惠企政策宣讲活动，深入企业了解需求，帮助企业用足用好政策，切实减轻企业负担，增强市场主体活力。近期以来，各地各部门认真贯彻落实党中央、国务院决策部署，坚持稳字当头、稳中求进，持续加大助企纾困力度，着力稳住宏观经济大盘，推动工业经济平稳运行。一系列政策措施密集出台，聚焦重点行业、重点环节、重点领域，精准施策，为企业发展注入强劲动力。工业和信息化部有关负责人表示，下一步将进一步强化政策协同，加强运行监测和调度，推动各项政策落地见效，确保工业经济运行在合理区间，为稳定宏观经济大盘提供有力支撑。与此同时，各地积极开展惠企政策宣讲活动，深入企业了解需求，帮助企业用足用好政策，切实减轻企业负担，增强市场主体活力。近期以来，各地各部门认真贯彻落实党中央、国务院决策部署，坚持稳字当头、稳中求进，持续加大助企纾困力度，着力稳住宏观经济大盘，推动工业经济平稳运行。一系列政策措施密集出台，聚焦重点行业、重点环节、重点领域，精准施策，为企业发展注入强劲动力。工业和信息化部有关负责人表示，下一步将进一步强化政策协同，加强运行监测和调度，推动各项政策落地见效，确保工业经济运行在合理区间，为稳定宏观经济大盘提供有力支撑。与此同时，各地积极开展惠企政策宣讲活动，深入企业了解需求，帮助企业用足用好政策，切实减轻企业负担，增强市场主体活力。近期以来，各地各部门认真贯彻落实党中央、国务院决策部署，坚持稳字当头、稳中求进，持续加大助企纾困力度，着力稳住宏观经济大盘，推动工业经济平稳运行。一系列政策措施密集出台，聚焦重点行业、重点环节、重点领域，精准施策，为企业发展注入强劲动力。工业和信息化部有关负责人表示，下一步将进一步强化政策协同，加强运行监测和调度，推动各项政策落地见效，确保工业经济运行在合理区间，为稳定宏观经济大盘提供有力支撑。与此同时，各地积极开展惠企政策宣讲活动，深入企业了解需求，帮助企业用足用好政策，切实减轻企业负担，增强市场主体活力。
近期以来，各地各部门认真贯彻落实党中央、国务院决策部署，坚持稳字当头、稳中求进，持续加大助企纾困力度，着力稳住宏观经济大盘，推动工业经济平稳运行。一系列政策措施密集出台，聚焦重点行业、重点环节、重点领域，精准施策，为企业发展注入强劲动力。工业和信息化部有关负责人表示，下一步将进一步强化政策协同，加强运行监测和调度，推动各项政策落地见效，确保工业经济运行在合理区间，为稳定宏观经济大盘提供有力支撑。与此同时，各地积极开展惠企政策宣讲活动，深入企业了解需求，帮助企业用足用好政策，切实减轻企业负担，增强市场主体活力。近期以来，各地各部门认真贯彻落实党中央、国务院决策部署，坚持稳字当头、稳中求进，持续加大助企纾困力度，着力稳住宏观经济大盘，推动工业经济平稳运行。一系列政策措施密集出台，聚焦重点行业、重点环节、重点领域，精准施策，为企业发展注入强劲动力。工业和信息化部有关负责人表示，下一步将进一步强化政策协同，加强运行监测和调度，推动各项政策落地见效，确保工业经济运行在合理区间，为稳定宏观经济大盘提供有力支撑。与此同时，各地积极开展惠企政策宣讲活动，深入企业了解需求，帮助企业用足用好政策，切实减轻企业负担，增强市场主体活力。近期以来，各地各部门认真贯彻落实党中央、国务院决策部署，坚持稳字当头、稳中求进，持续加大助企纾困力度，着力稳住宏观经济大盘，推动工业经济平稳运行。一系列政策措施密集出台，聚焦重点行业、重点环节、重点领域，精准施策，为企业发展注入强劲动力。工业和信息化部有关负责人表示，下一步将进一步强化政策协同，加强运行监测和调度，推动各项政策落地见效，确保工业经济运行在合理区间，为稳定宏观经济大盘提供有力支撑。与此同时，各地积极开展惠企政策宣讲活动，深入企业了解需求，帮助企业用足用好政策，切实减轻企业负担，增强市场主体活力。近期以来，各地各部门认真贯彻落实党中央、国务院决策部署，坚持稳字当头、稳中求进，持续加大助企纾困力度，着力稳住宏观经济大盘，推动工业经济平稳运行。一系列政策措施密集出台，聚焦重点行业、重点环节、重点领域，精准施策，为企业发展注入强劲动力。工业和信息化部有关负责人表示，下一步将进一步强化政策协同，加强运行监测和调度，推动各项政策落地见效，确保工业经济运行在合理区间，为稳定宏观经济大盘提供有力支撑。与此同时，各地积极开展惠企政策宣讲活动，深入企业了解需求，帮助企业用足用好政策，切实减轻企业负担，增强市场主体活力。近期以来，各地各部门认真贯彻落实党中央、国务院决策部署，坚持稳字当头、稳中求进，持续加大助企纾困力度，着力稳住宏观经济大盘，推动工业经济平稳运行。一系列政策措施密集出台，聚焦重点行业、重点环节、重点领域，精准施策，为企业发展注入强劲动力。工业和信息化部有关负责人表示，下一步将进一步强化政策协同，加强运行监测和调度，推动各项政策落地见效，确保工业经济运行在合理区间，为稳定宏观经济大盘提供有力支撑。与此同时，各地积极开展惠企政策宣讲活动，深入企业了解需求，帮助企业用足用好政策，切实减轻企业负担，增强市场主体活力。近期以来，各地各部门认真贯彻落实党中央、国务院决策部署，坚持稳字当头、稳中求进，持续加大助企纾困力度，着力稳住宏观经济大盘，推动工业经济平稳运行。一系列政策措施密集出台，聚焦重点行业、重点环节、重点领域，精准施策，为企业发展注入强劲动力。工业和信息化部有关负责人表示，下一步将进一步强化政策协同，加强运行监测和调度，推动各项政策落地见效，确保工业经济运行在合理区间，为稳定宏观经济大盘提供有力支撑。与此同时，各地积极开展惠企政策宣讲活动，深入企业了解需求，帮助企业用足用好政策，切实减轻企业负担，增强市场主体活力。
近期以来，各地各部门认真贯彻落实党中央、国务院决策部署，坚持稳字当头、稳中求进，持续加大助企纾困力度，着力稳住宏观经济大盘，推动工业经济平稳运行。一系列政策措施密集出台，聚焦重点行业、重点环节、重点领域，精准施策，为企业发展注入强劲动力。工业和信息化部有关负责人表示，下一步将进一步强化政策协同，加强运行监测和调度，推动各项政策落地见效，确保工业经济运行在合理区间，为稳定宏观经济大盘提供有力支撑。与此同时，各地积极开展惠企政策宣讲活动，深入企业了解需求，帮助企业用足用好政策，切实减轻企业负担，增强市场主体活力。近期以来，各地各部门认真贯彻落实党中央、国务院决策部署，坚持稳字当头、稳中求进，持续加大助企纾困力度，着力稳住宏观经济大盘，推动工业经济平稳运行。一系列政策措施密集出台，聚焦重点行业、重点环节、重点领域，精准施策，为企业发展注入强劲动力。工业和信息化部有关负责人表示，下一步将进一步强化政策协同，加强运行监测和调度，推动各项政策落地见效，确保工业经济运行在合理区间，为稳定宏观经济大盘提供有力支撑。与此同时，各地积极开展惠企政策宣讲活动，深入企业了解需求，帮助企业用足用好政策，切实减轻企业负担，增强市场主体活力。近期以来，各地各部门认真贯彻落实党中央、国务院决策部署，坚持稳字当头、稳中求进，持续加大助企纾困力度，着力稳住宏观经济大盘，推动工业经济平稳运行。一系列政策措施密集出台，聚焦重点行业、重点环节、重点领域，精准施策，为企业发展注入强劲动力。工业和信息化部有关负责人表示，下一步将进一步强化政策协同，加强运行监测和调度，推动各项政策落地见效，确保工业经济运行在合理区间，为稳定宏观经济大盘提供有力支撑。与此同时，各地积极开展惠企政策宣讲活动，深入企业了解需求，帮助企业用足用好政策，切实减轻企业负担，增强市场主体活力。近期以来，各地各部门认真贯彻落实党中央、国务院决策部署，坚持稳字当头、稳中求进，持续加大助企纾困力度，着力稳住宏观经济大盘，推动工业经济平稳运行。一系列政策措施密集出台，聚焦重点行业、重点环节、重点领域，精准施策，为企业发展注入强劲动力。工业和信息化部有关负责人表示，下一步将进一步强化政策协同，加强运行监测和调度，推动各项政策落地见效，确保工业经济运行在合理区间，为稳定宏观经济大盘提供有力支撑。与此同时，各地积极开展惠企政策宣讲活动，深入企业了解需求，帮助企业用足用好政策，切实减轻企业负担，增强市场主体活力。近期以来，各地各部门认真贯彻落实党中央、国务院决策部署，坚持稳字当头、稳中求进，持续加大助企纾困力度，着力稳住宏观经济大盘，推动工业经济平稳运行。一系列政策措施密集出台，聚焦重点行业、重点环节、重点领域，精准施策，为企业发展注入强劲动力。工业和信息化部有关负责人表示，下一步将进一步强化政策协同，加强运行监测和调度，推动各项政策落地见效，确保工业经济运行在合理区间，为稳定宏观经济大盘提供有力支撑。与此同时，各地积极开展惠企政策宣讲活动，深入企业了解需求，帮助企业用足用好政策，切实减轻企业负担，增强市场主体活力。近期以来，各地各部门认真贯彻落实党中央、国务院决策部署，坚持稳字当头、稳中求进，持续加大助企纾困力度，着力稳住宏观经济大盘，推动工业经济平稳运行。一系列政策措施密集出台，聚焦重点行业、重点环节、重点领域，精准施策，为企业发展注入强劲动力。工业和信息化部有关负责人表示，下一步将进一步强化政策协同，加强运行监测和调度，推动各项政策落地见效，确保工业经济运行在合理区间，为稳定宏观经济大盘提供有力支撑。与此同时，各地积极开展惠企政策宣讲活动，深入企业了解需求，帮助企业用足用好政策，切实减轻企业负担，增强市场主体活力。
近期以来，各地各部门认真贯彻落实党中央、国务院决策部署，坚持稳字当头、稳中求进，持续加大助企纾困力度，着力稳住宏观经济大盘，推动工业经济平稳运行。一系列政策措施密集出台，聚焦重点行业、重点环节、重点领域，精准施策，为企业发展注入强劲动力。工业和信息化部有关负责人表示，下一步将进一步强化政策协同，加强运行监测和调度，推动各项政策落地见效，确保工业经济运行在合理区间，为稳定宏观经济大盘提供有力支撑。与此同时，各地积极开展惠企政策宣讲活动，深入企业了解需求，帮助企业用足用好政策，切实减轻企业负担，增强市场主体活力。近期以来，各地各部门认真贯彻落实党中央、国务院决策部署，坚持稳字当头、稳中求进，持续加大助企纾困力度，着力稳住宏观经济大盘，推动工业经济平稳运行。一系列政策措施密集出台，聚焦重点行业、重点环节、重点领域，精准施策，为企业发展注入强劲动力。工业和信息化部有关负责人表示，下一步将进一步强化政策协同，加强运行监测和调度，推动各项政策落地见效，确保工业经济运行在合理区间，为稳定宏观经济大盘提供有力支撑。与此同时，各地积极开展惠企政策宣讲活动，深入企业了解需求，帮助企业用足用好政策，切实减轻企业负担，增强市场主体活力。近期以来，各地各部门认真贯彻落实党中央、国务院决策部署，坚持稳字当头、稳中求进，持续加大助企纾困力度，着力稳住宏观经济大盘，推动工业经济平稳运行。一系列政策措施密集出台，聚焦重点行业、重点环节、重点领域，精准施策，为企业发展注入强劲动力。工业和信息化部有关负责人表示，下一步将进一步强化政策协同，加强运行监测和调度，推动各项政策落地见效，确保工业经济运行在合理区间，为稳定宏观经济大盘提供有力支撑。与此同时，各地积极开展惠企政策宣讲活动，深入企业了解需求，帮助企业用足用好政策，切实减轻企业负担，增强市场主体活力。近期以来，各地各部门认真贯彻落实党中央、国务院决策部署，坚持稳字当头、稳中求进，持续加大助企纾困力度，着力稳住宏观经济大盘，推动工业经济平稳运行。一系列政策措施密集出台，聚焦重点行业、重点环节、重点领域，精准施策，为企业发展注入强劲动力。工业和信息化部有关负责人表示，下一步将进一步强化政策协同，加强运行监测和调度，推动各项政策落地见效，确保工业经济运行在合理区间，为稳定宏观经济大盘提供有力支撑。与此同时，各地积极开展惠企政策宣讲活动，深入企业了解需求，帮助企业用足用好政策，切实减轻企业负担，增强市场主体活力。近期以来，各地各部门认真贯彻落实党中央、国务院决策部署，坚持稳字当头、稳中求进，持续加大助企纾困力度，着力稳住宏观经济大盘，推动工业经济平稳运行。一系列政策措施密集出台，聚焦重点行业、重点环节、重点领域，精准施策，为企业发展注入强劲动力。工业和信息化部有关负责人表示，下一步将进一步强化政策协同，加强运行监测和调度，推动各项政策落地见效，确保工业经济运行在合理区间，为稳定宏观经济大盘提供有力支撑。与此同时，各地积极开展惠企政策宣讲活动，深入企业了解需求，帮助企业用足用好政策，切实减轻企业负担，增强市场主体活力。近期以来，各地各部门认真贯彻落实党中央、国务院决策部署，坚持稳字当头、稳中求进，持续加大助企纾困力度，着力稳住宏观经济大盘，推动工业经济平稳运行。一系列政策措施密集出台，聚焦重点行业、重点环节、重点领域，精准施策，为企业发展注入强劲动力。工业和信息化部有关负责人表示，下一步将进一步强化政策协同，加强运行监测和调度，推动各项政策落地见效，确保工业经济运行在合理区间，为稳定宏观经济大盘提供有力支撑。与此同时，各地积极开展惠企政策宣讲活动，深入企业了解需求，帮助企业用足用好政策，切实减轻企业负担，增强市场主体活力。
